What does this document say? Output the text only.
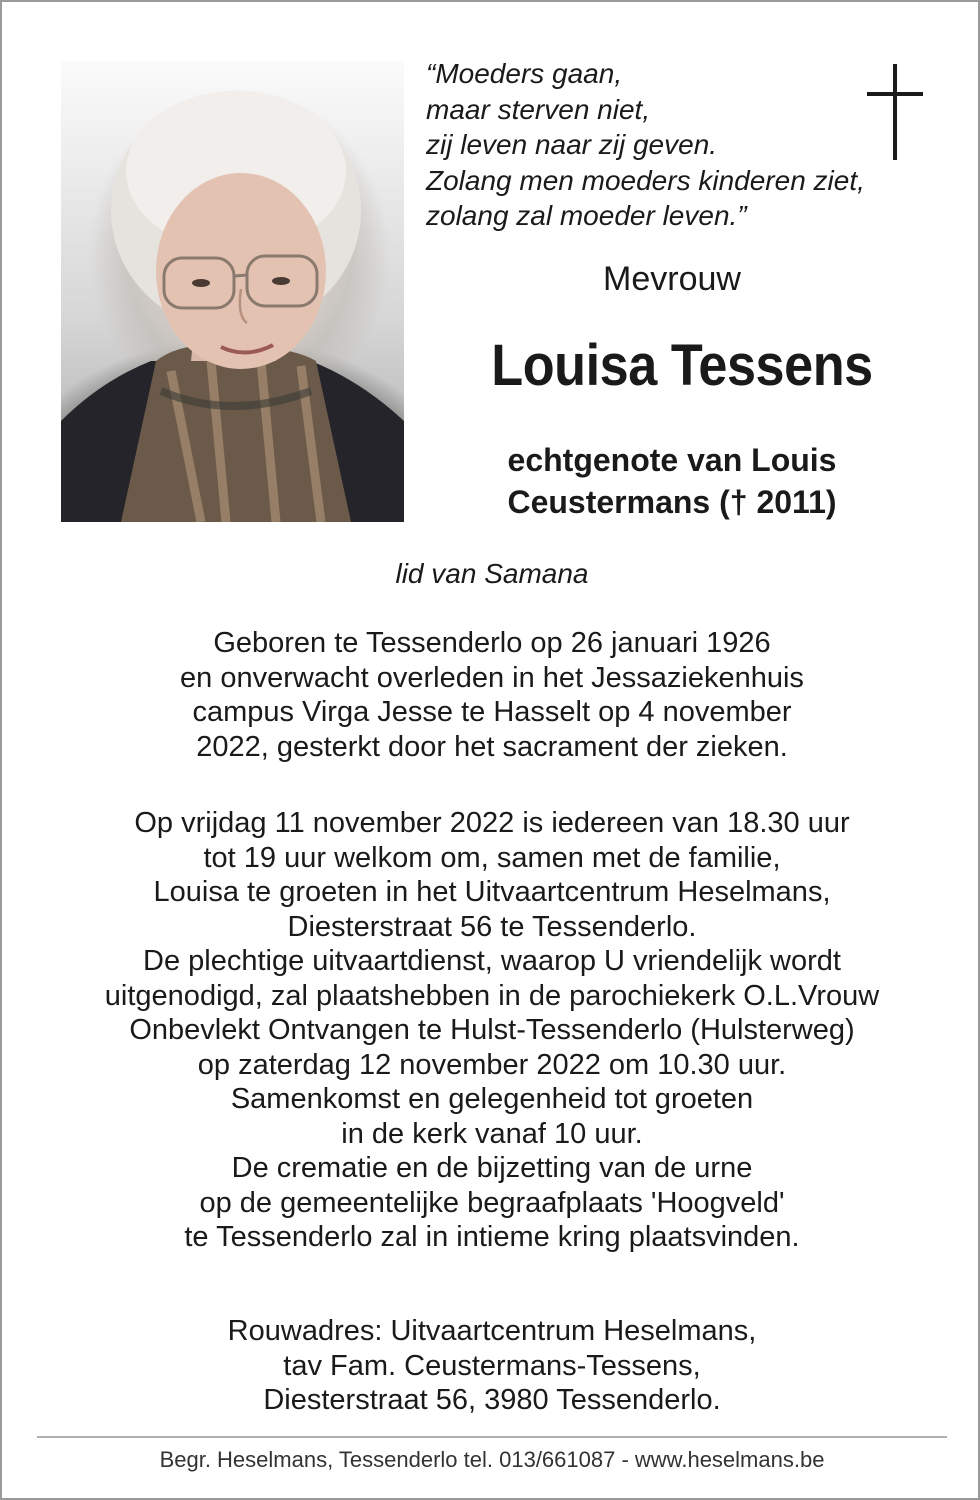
“Moeders gaan,
maar sterven niet,
zij leven naar zij geven.
Zolang men moeders kinderen ziet,
zolang zal moeder leven.”
Mevrouw
Louisa Tessens
echtgenote van Louis
Ceustermans († 2011)
lid van Samana
Geboren te Tessenderlo op 26 januari 1926
en onverwacht overleden in het Jessaziekenhuis
campus Virga Jesse te Hasselt op 4 november
2022, gesterkt door het sacrament der zieken.
Op vrijdag 11 november 2022 is iedereen van 18.30 uur
tot 19 uur welkom om, samen met de familie,
Louisa te groeten in het Uitvaartcentrum Heselmans,
Diesterstraat 56 te Tessenderlo.
De plechtige uitvaartdienst, waarop U vriendelijk wordt
uitgenodigd, zal plaatshebben in de parochiekerk O.L.Vrouw
Onbevlekt Ontvangen te Hulst-Tessenderlo (Hulsterweg)
op zaterdag 12 november 2022 om 10.30 uur.
Samenkomst en gelegenheid tot groeten
in de kerk vanaf 10 uur.
De crematie en de bijzetting van de urne
op de gemeentelijke begraafplaats 'Hoogveld'
te Tessenderlo zal in intieme kring plaatsvinden.
Rouwadres: Uitvaartcentrum Heselmans,
tav Fam. Ceustermans-Tessens,
Diesterstraat 56, 3980 Tessenderlo.
Begr. Heselmans, Tessenderlo tel. 013/661087 - www.heselmans.be
